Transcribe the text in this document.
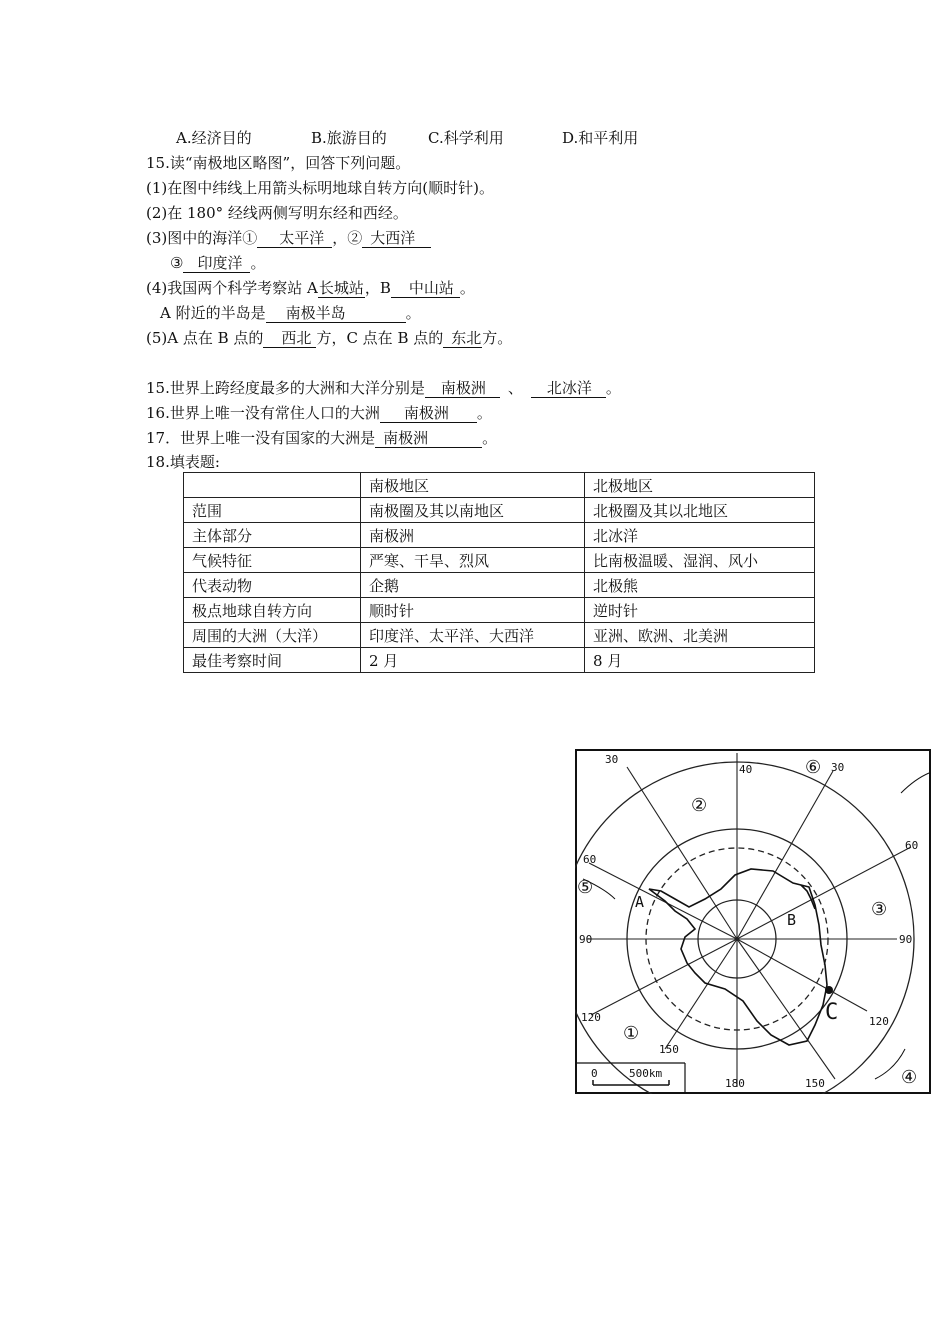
A.经济目的	B.旅游目的	C.科学利用	D.和平利用
15.读“南极地区略图”，回答下列问题。
(1)在图中纬线上用箭头标明地球自转方向(顺时针)。
(2)在 180° 经线两侧写明东经和西经。
(3)图中的海洋① 太平洋 ，② 大西洋
③ 印度洋 。
(4)我国两个科学考察站 A长城站，B 中山站 。
A 附近的半岛是 南极半岛	。
(5)A 点在 B 点的 西北 方，C 点在 B 点的 东北方。
15.世界上跨经度最多的大洲和大洋分别是 南极洲 、 北冰洋 。
16.世界上唯一没有常住人口的大洲 南极洲 。
17．世界上唯一没有国家的大洲是 南极洲	。
18.填表题:
	南极地区	北极地区
范围	南极圈及其以南地区	北极圈及其以北地区
主体部分	南极洲	北冰洋
气候特征	严寒、干旱、烈风	比南极温暖、湿润、风小
代表动物	企鹅	北极熊
极点地球自转方向	顺时针	逆时针
周围的大洲（大洋）	印度洋、太平洋、大西洋	亚洲、欧洲、北美洲
最佳考察时间	2 月	8 月
30
40	30
60
60
90	90
120	120
150
180	150
①
②
③
④
⑤
⑥
A
B
C
0	500km
